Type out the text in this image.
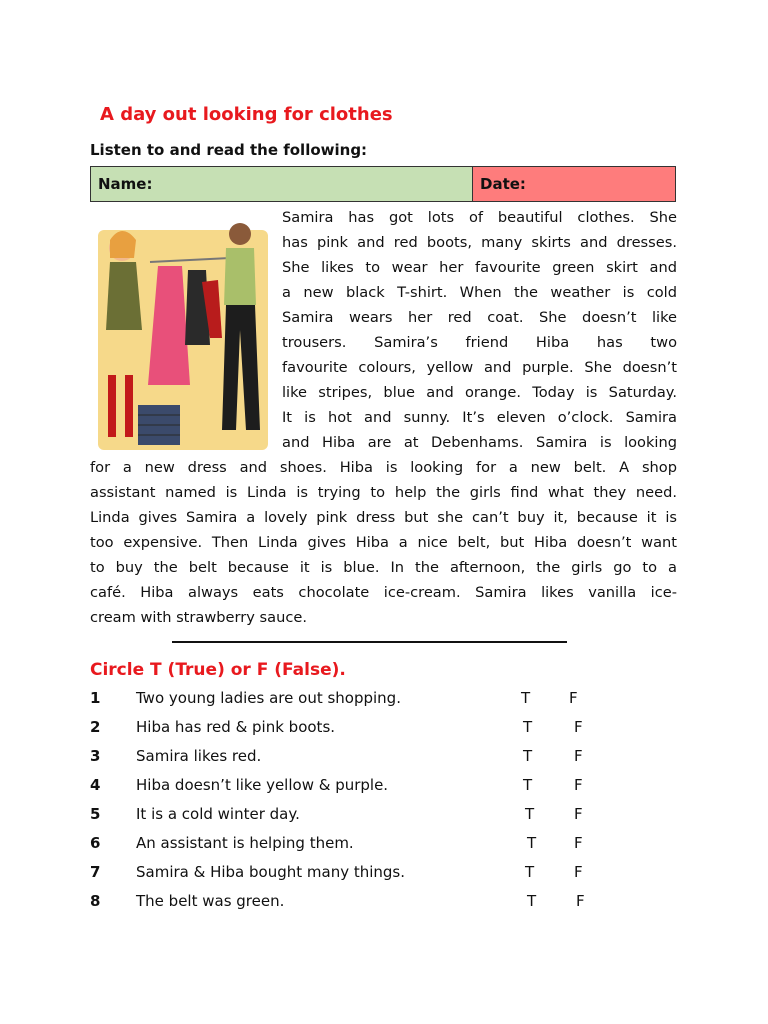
A day out looking for clothes
Listen to and read the following:
Name:	Date:
Samira has got lots of beautiful clothes. She
has pink and red boots, many skirts and dresses.
She likes to wear her favourite green skirt and
a new black T-shirt. When the weather is cold
Samira wears her red coat. She doesn’t like
trousers. Samira’s friend Hiba has two
favourite colours, yellow and purple. She doesn’t
like stripes, blue and orange. Today is Saturday.
It is hot and sunny. It’s eleven o’clock. Samira
and Hiba are at Debenhams. Samira is looking
for a new dress and shoes. Hiba is looking for a new belt. A shop
assistant named is Linda is trying to help the girls find what they need.
Linda gives Samira a lovely pink dress but she can’t buy it, because it is
too expensive. Then Linda gives Hiba a nice belt, but Hiba doesn’t want
to buy the belt because it is blue. In the afternoon, the girls go to a
café. Hiba always eats chocolate ice-cream. Samira likes vanilla ice-
cream with strawberry sauce.
Circle T (True) or F (False).
1 Two young ladies are out shopping.	T	F
2 Hiba has red & pink boots.	T	F
3 Samira likes red.	T	F
4 Hiba doesn’t like yellow & purple.	T	F
5 It is a cold winter day.	T	F
6 An assistant is helping them.	T	F
7 Samira & Hiba bought many things.	T	F
8 The belt was green.	T	F
